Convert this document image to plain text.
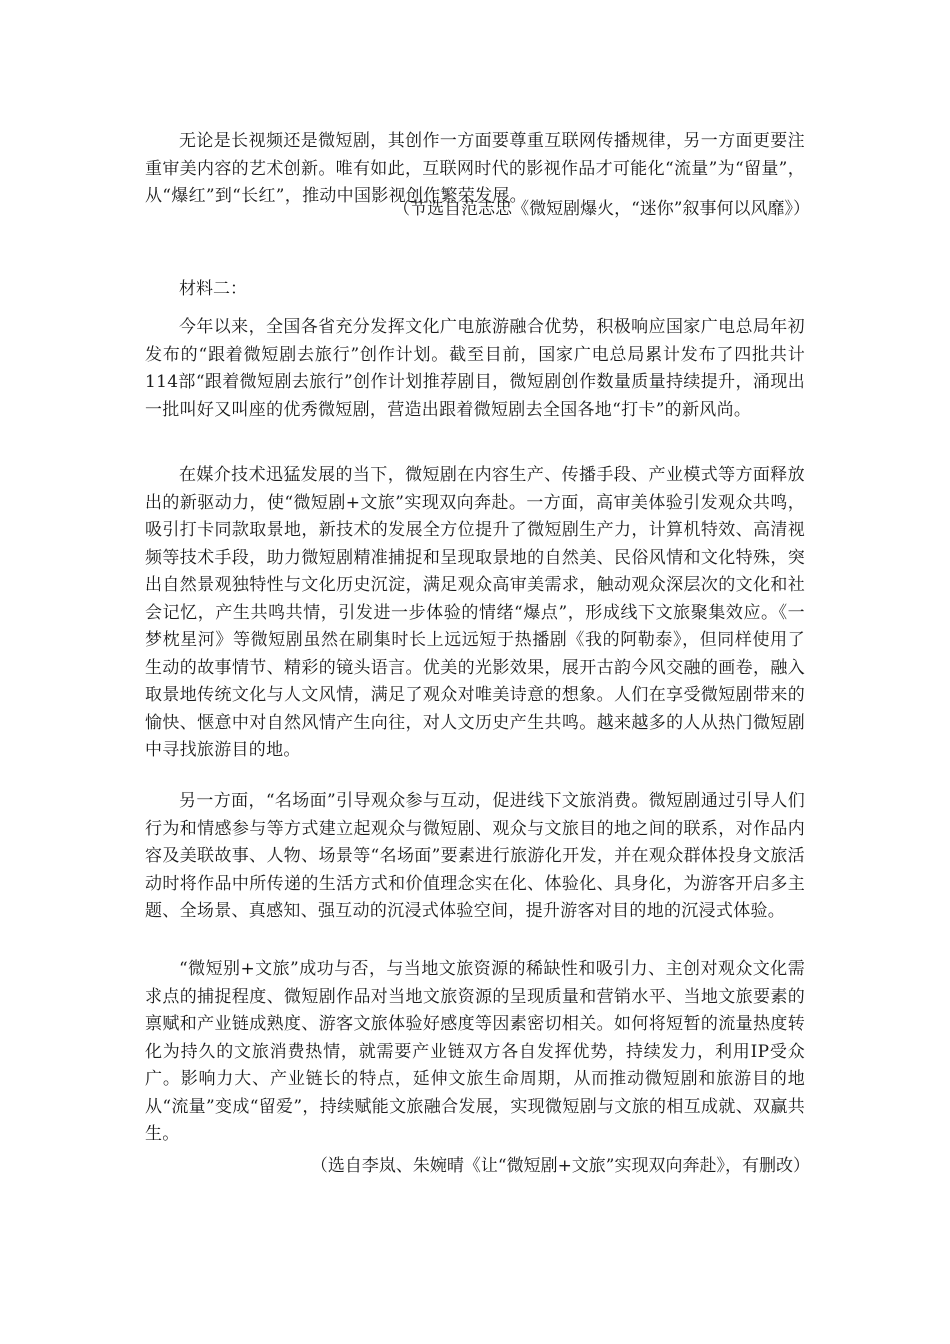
无论是长视频还是微短剧，其创作一方面要尊重互联网传播规律，另一方面更要注重审美内容的艺术创新。唯有如此，互联网时代的影视作品才可能化“流量”为“留量”，从“爆红”到“长红”，推动中国影视创作繁荣发展。

（节选自范志忠《微短剧爆火，“迷你”叙事何以风靡》）

材料二：

今年以来，全国各省充分发挥文化广电旅游融合优势，积极响应国家广电总局年初发布的“跟着微短剧去旅行”创作计划。截至目前，国家广电总局累计发布了四批共计114部“跟着微短剧去旅行”创作计划推荐剧目，微短剧创作数量质量持续提升，涌现出一批叫好又叫座的优秀微短剧，营造出跟着微短剧去全国各地“打卡”的新风尚。

在媒介技术迅猛发展的当下，微短剧在内容生产、传播手段、产业模式等方面释放出的新驱动力，使“微短剧+文旅”实现双向奔赴。一方面，高审美体验引发观众共鸣，吸引打卡同款取景地，新技术的发展全方位提升了微短剧生产力，计算机特效、高清视频等技术手段，助力微短剧精准捕捉和呈现取景地的自然美、民俗风情和文化特殊，突出自然景观独特性与文化历史沉淀，满足观众高审美需求，触动观众深层次的文化和社会记忆，产生共鸣共情，引发进一步体验的情绪“爆点”，形成线下文旅聚集效应。《一梦枕星河》等微短剧虽然在刷集时长上远远短于热播剧《我的阿勒泰》，但同样使用了生动的故事情节、精彩的镜头语言。优美的光影效果，展开古韵今风交融的画卷，融入取景地传统文化与人文风情，满足了观众对唯美诗意的想象。人们在享受微短剧带来的愉快、惬意中对自然风情产生向往，对人文历史产生共鸣。越来越多的人从热门微短剧中寻找旅游目的地。

另一方面，“名场面”引导观众参与互动，促进线下文旅消费。微短剧通过引导人们行为和情感参与等方式建立起观众与微短剧、观众与文旅目的地之间的联系，对作品内容及美联故事、人物、场景等“名场面”要素进行旅游化开发，并在观众群体投身文旅活动时将作品中所传递的生活方式和价值理念实在化、体验化、具身化，为游客开启多主题、全场景、真感知、强互动的沉浸式体验空间，提升游客对目的地的沉浸式体验。

“微短别+文旅”成功与否，与当地文旅资源的稀缺性和吸引力、主创对观众文化需求点的捕捉程度、微短剧作品对当地文旅资源的呈现质量和营销水平、当地文旅要素的禀赋和产业链成熟度、游客文旅体验好感度等因素密切相关。如何将短暂的流量热度转化为持久的文旅消费热情，就需要产业链双方各自发挥优势，持续发力，利用IP受众广。影响力大、产业链长的特点，延伸文旅生命周期，从而推动微短剧和旅游目的地从“流量”变成“留爱”，持续赋能文旅融合发展，实现微短剧与文旅的相互成就、双赢共生。

（选自李岚、朱婉晴《让“微短剧+文旅”实现双向奔赴》，有删改）
